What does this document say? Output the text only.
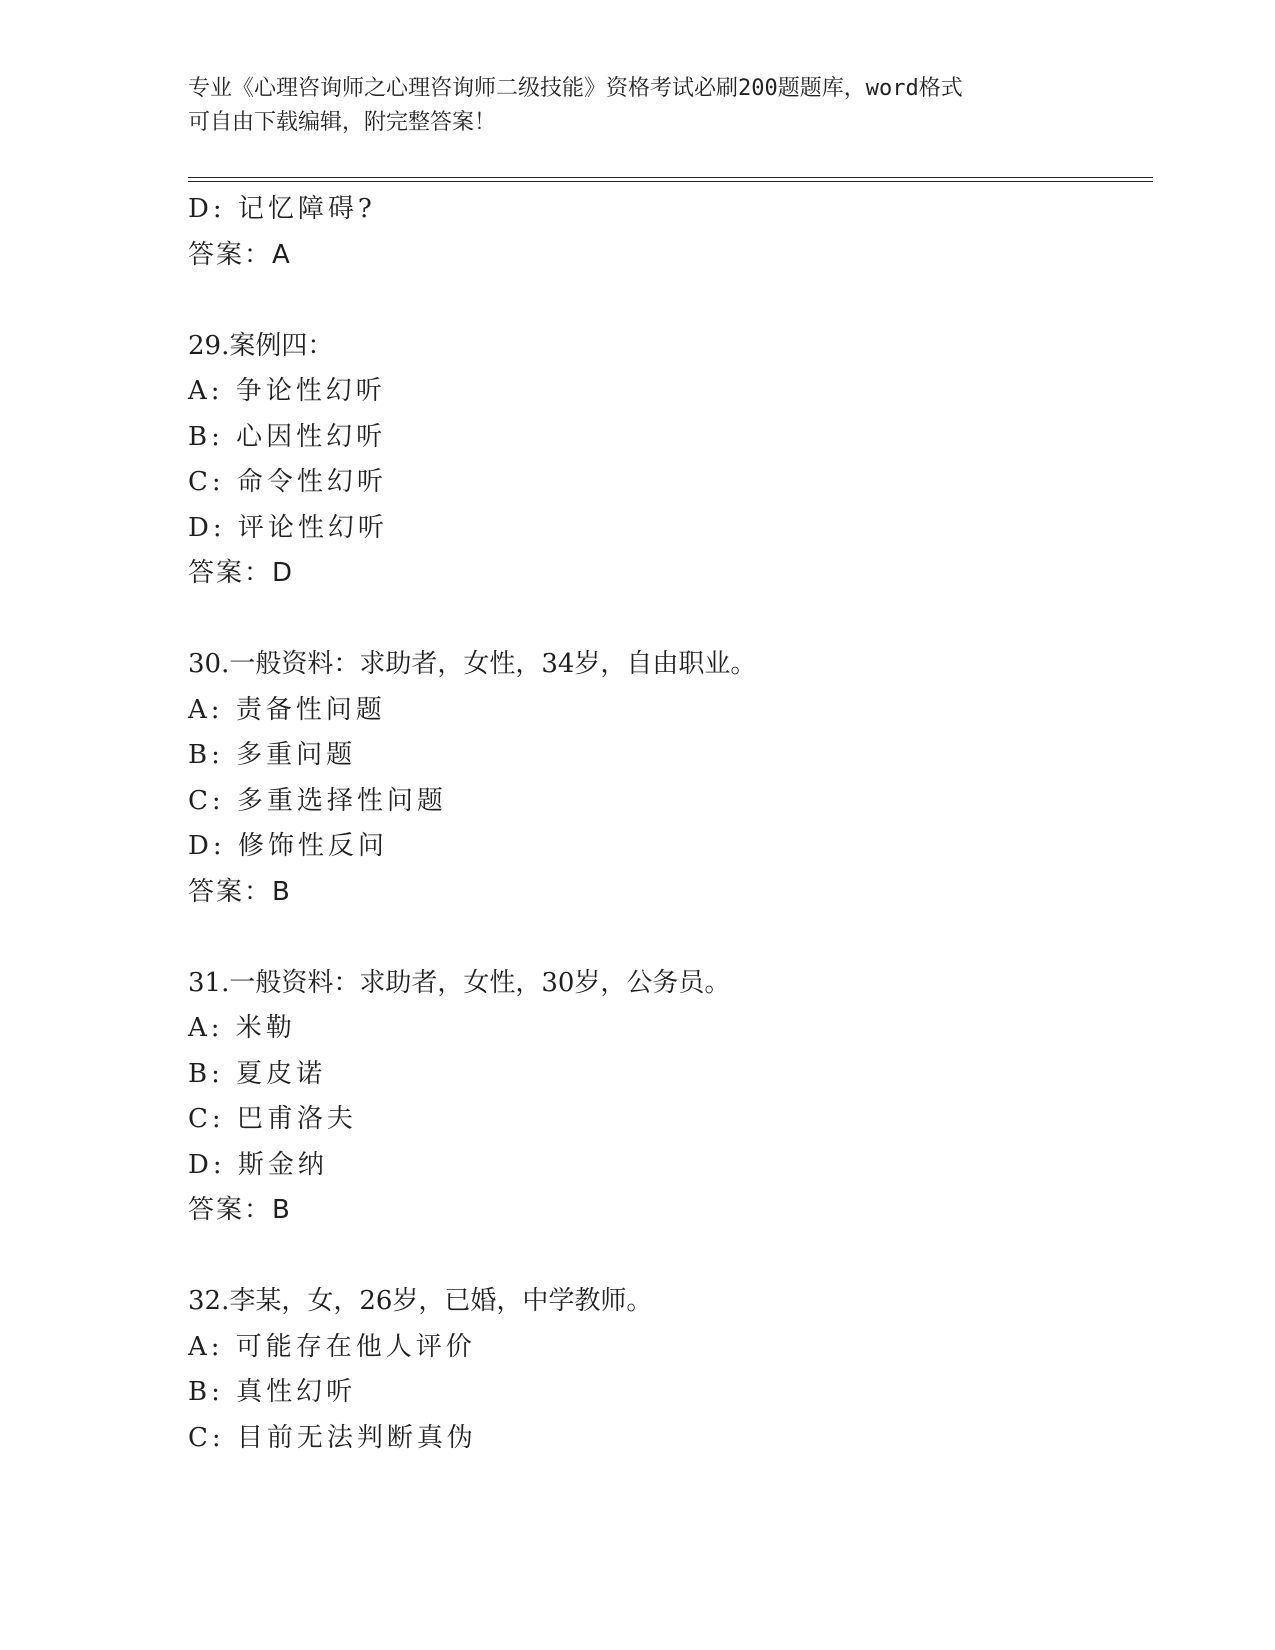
专业《心理咨询师之心理咨询师二级技能》资格考试必刷200题题库，word格式
可自由下载编辑，附完整答案！
D: 记忆障碍?
答案：A
29.案例四：
A: 争论性幻听
B: 心因性幻听
C: 命令性幻听
D: 评论性幻听
答案：D
30.一般资料：求助者，女性，34岁，自由职业。
A: 责备性问题
B: 多重问题
C: 多重选择性问题
D: 修饰性反问
答案：B
31.一般资料：求助者，女性，30岁，公务员。
A: 米勒
B: 夏皮诺
C: 巴甫洛夫
D: 斯金纳
答案：B
32.李某，女，26岁，已婚，中学教师。
A: 可能存在他人评价
B: 真性幻听
C: 目前无法判断真伪
